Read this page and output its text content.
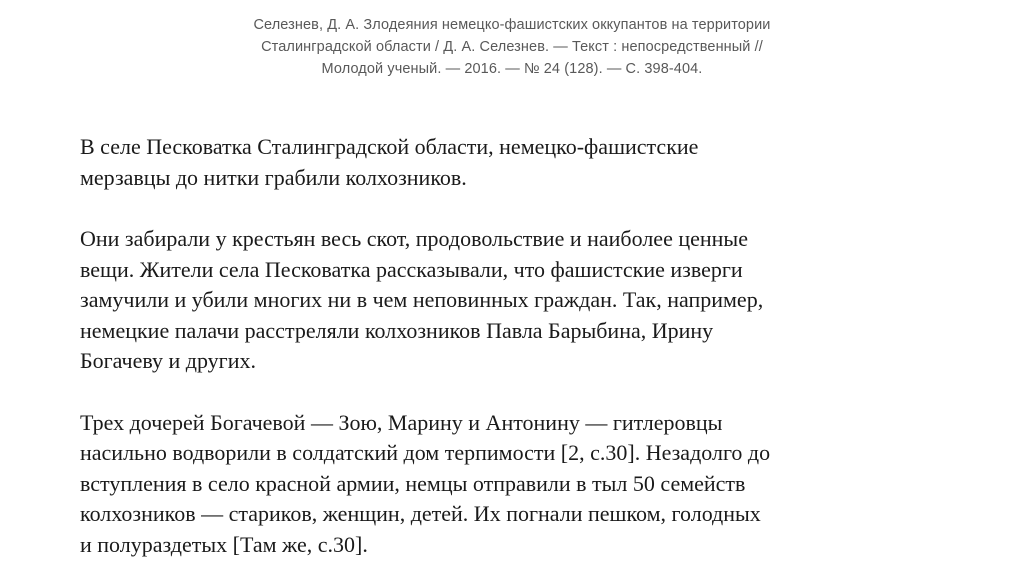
Селезнев, Д. А. Злодеяния немецко-фашистских оккупантов на территории
Сталинградской области / Д. А. Селезнев. — Текст : непосредственный //
Молодой ученый. — 2016. — № 24 (128). — С. 398-404.

В селе Песковатка Сталинградской области, немецко-фашистские
мерзавцы до нитки грабили колхозников.

Они забирали у крестьян весь скот, продовольствие и наиболее ценные
вещи. Жители села Песковатка рассказывали, что фашистские изверги
замучили и убили многих ни в чем неповинных граждан. Так, например,
немецкие палачи расстреляли колхозников Павла Барыбина, Ирину
Богачеву и других.

Трех дочерей Богачевой — Зою, Марину и Антонину — гитлеровцы
насильно водворили в солдатский дом терпимости [2, с.30]. Незадолго до
вступления в село красной армии, немцы отправили в тыл 50 семейств
колхозников — стариков, женщин, детей. Их погнали пешком, голодных
и полураздетых [Там же, с.30].
